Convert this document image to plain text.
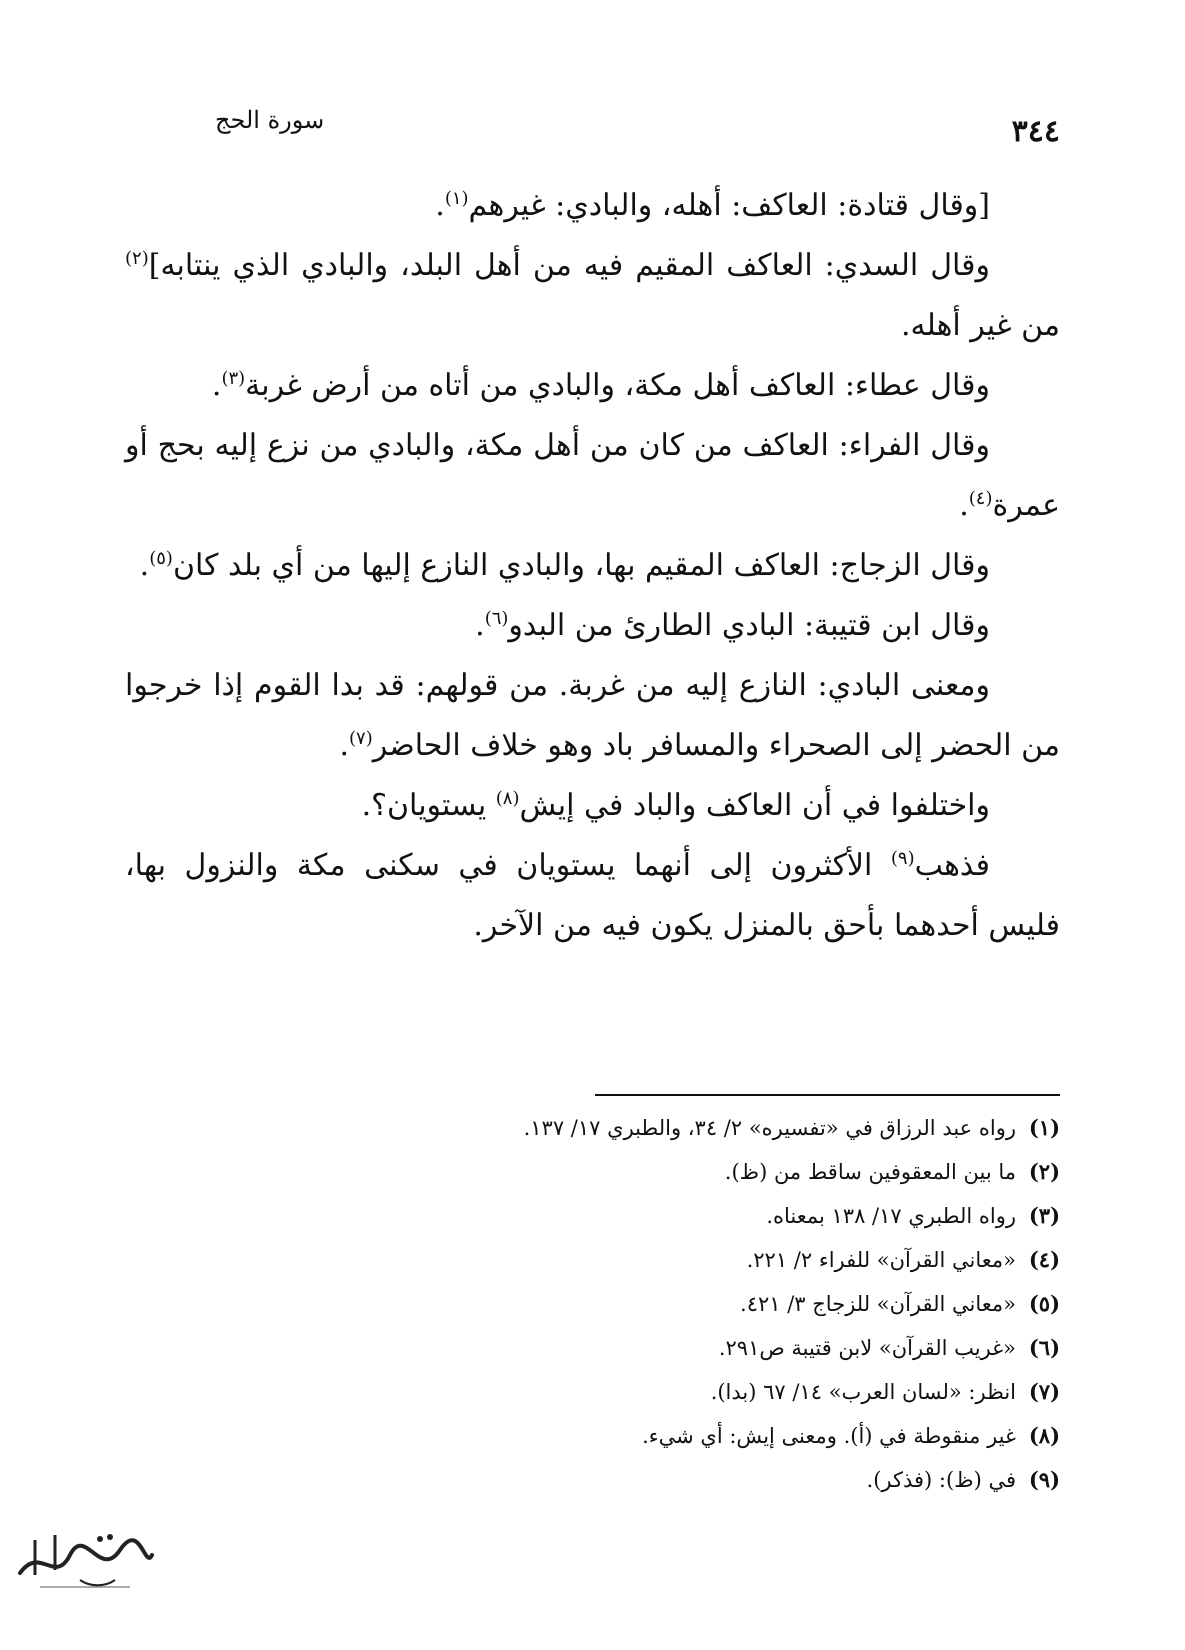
٣٤٤
سورة الحج

[وقال قتادة: العاكف: أهله، والبادي: غيرهم$^{(١)}$.

وقال السدي: العاكف المقيم فيه من أهل البلد، والبادي الذي ينتابه]$^{(٢)}$ من غير أهله.

وقال عطاء: العاكف أهل مكة، والبادي من أتاه من أرض غربة$^{(٣)}$.

وقال الفراء: العاكف من كان من أهل مكة، والبادي من نزع إليه بحج أو عمرة$^{(٤)}$.

وقال الزجاج: العاكف المقيم بها، والبادي النازع إليها من أي بلد كان$^{(٥)}$.

وقال ابن قتيبة: البادي الطارئ من البدو$^{(٦)}$.

ومعنى البادي: النازع إليه من غربة. من قولهم: قد بدا القوم إذا خرجوا من الحضر إلى الصحراء والمسافر باد وهو خلاف الحاضر$^{(٧)}$.

واختلفوا في أن العاكف والباد في إيش$^{(٨)}$ يستويان؟.

فذهب$^{(٩)}$ الأكثرون إلى أنهما يستويان في سكنى مكة والنزول بها، فليس أحدهما بأحق بالمنزل يكون فيه من الآخر.

(١)
رواه عبد الرزاق في «تفسيره» ٢/ ٣٤، والطبري ١٧/ ١٣٧.
(٢)
ما بين المعقوفين ساقط من (ظ).
(٣)
رواه الطبري ١٧/ ١٣٨ بمعناه.
(٤)
«معاني القرآن» للفراء ٢/ ٢٢١.
(٥)
«معاني القرآن» للزجاج ٣/ ٤٢١.
(٦)
«غريب القرآن» لابن قتيبة ص٢٩١.
(٧)
انظر: «لسان العرب» ١٤/ ٦٧ (بدا).
(٨)
غير منقوطة في (أ). ومعنى إيش: أي شيء.
(٩)
في (ظ): (فذكر).
